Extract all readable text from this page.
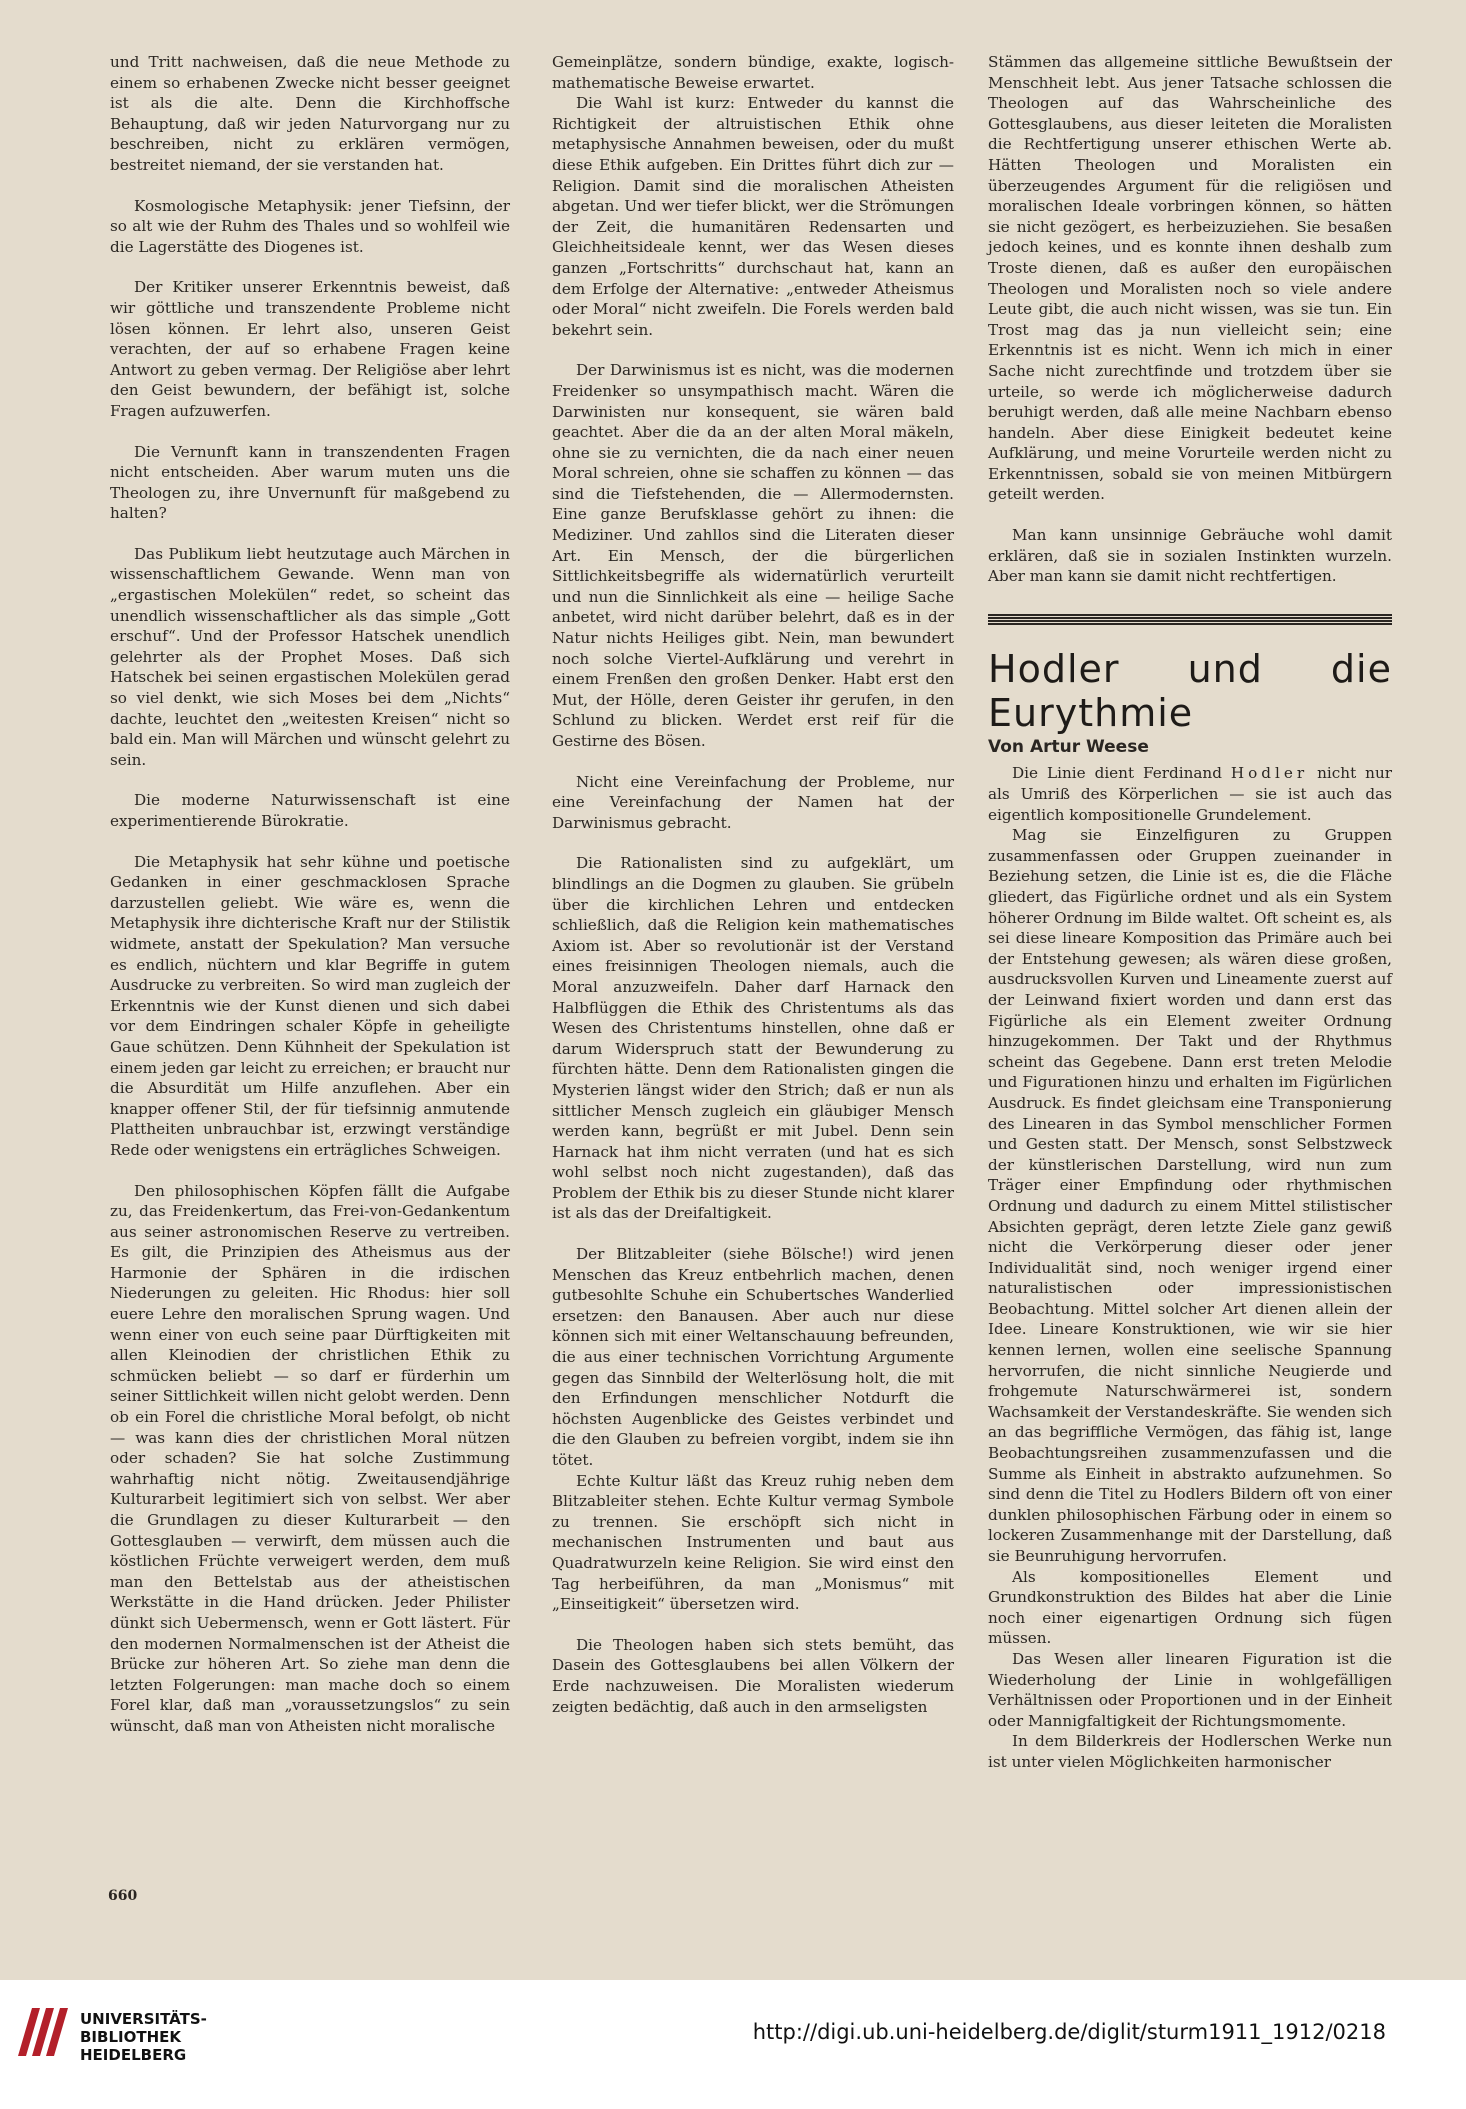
und Tritt nachweisen, daß die neue Methode zu einem so erhabenen Zwecke nicht besser geeignet ist als die alte. Denn die Kirchhoffsche Behauptung, daß wir jeden Naturvorgang nur zu beschreiben, nicht zu erklären vermögen, bestreitet niemand, der sie verstanden hat.

Kosmologische Metaphysik: jener Tiefsinn, der so alt wie der Ruhm des Thales und so wohlfeil wie die Lagerstätte des Diogenes ist.

Der Kritiker unserer Erkenntnis beweist, daß wir göttliche und transzendente Probleme nicht lösen können. Er lehrt also, unseren Geist verachten, der auf so erhabene Fragen keine Antwort zu geben vermag. Der Religiöse aber lehrt den Geist bewundern, der befähigt ist, solche Fragen aufzuwerfen.

Die Vernunft kann in transzendenten Fragen nicht entscheiden. Aber warum muten uns die Theologen zu, ihre Unvernunft für maßgebend zu halten?

Das Publikum liebt heutzutage auch Märchen in wissenschaftlichem Gewande. Wenn man von „ergastischen Molekülen“ redet, so scheint das unendlich wissenschaftlicher als das simple „Gott erschuf“. Und der Professor Hatschek unendlich gelehrter als der Prophet Moses. Daß sich Hatschek bei seinen ergastischen Molekülen gerad so viel denkt, wie sich Moses bei dem „Nichts“ dachte, leuchtet den „weitesten Kreisen“ nicht so bald ein. Man will Märchen und wünscht gelehrt zu sein.

Die moderne Naturwissenschaft ist eine experimentierende Bürokratie.

Die Metaphysik hat sehr kühne und poetische Gedanken in einer geschmacklosen Sprache darzustellen geliebt. Wie wäre es, wenn die Metaphysik ihre dichterische Kraft nur der Stilistik widmete, anstatt der Spekulation? Man versuche es endlich, nüchtern und klar Begriffe in gutem Ausdrucke zu verbreiten. So wird man zugleich der Erkenntnis wie der Kunst dienen und sich dabei vor dem Eindringen schaler Köpfe in geheiligte Gaue schützen. Denn Kühnheit der Spekulation ist einem jeden gar leicht zu erreichen; er braucht nur die Absurdität um Hilfe anzuflehen. Aber ein knapper offener Stil, der für tiefsinnig anmutende Plattheiten unbrauchbar ist, erzwingt verständige Rede oder wenigstens ein erträgliches Schweigen.

Den philosophischen Köpfen fällt die Aufgabe zu, das Freidenkertum, das Frei-von-Gedankentum aus seiner astronomischen Reserve zu vertreiben. Es gilt, die Prinzipien des Atheismus aus der Harmonie der Sphären in die irdischen Niederungen zu geleiten. Hic Rhodus: hier soll euere Lehre den moralischen Sprung wagen. Und wenn einer von euch seine paar Dürftigkeiten mit allen Kleinodien der christlichen Ethik zu schmücken beliebt — so darf er fürderhin um seiner Sittlichkeit willen nicht gelobt werden. Denn ob ein Forel die christliche Moral befolgt, ob nicht — was kann dies der christlichen Moral nützen oder schaden? Sie hat solche Zustimmung wahrhaftig nicht nötig. Zweitausendjährige Kulturarbeit legitimiert sich von selbst. Wer aber die Grundlagen zu dieser Kulturarbeit — den Gottesglauben — verwirft, dem müssen auch die köstlichen Früchte verweigert werden, dem muß man den Bettelstab aus der atheistischen Werkstätte in die Hand drücken. Jeder Philister dünkt sich Uebermensch, wenn er Gott lästert. Für den modernen Normalmenschen ist der Atheist die Brücke zur höheren Art. So ziehe man denn die letzten Folgerungen: man mache doch so einem Forel klar, daß man „voraussetzungslos“ zu sein wünscht, daß man von Atheisten nicht moralische

Gemeinplätze, sondern bündige, exakte, logisch-mathematische Beweise erwartet.

Die Wahl ist kurz: Entweder du kannst die Richtigkeit der altruistischen Ethik ohne metaphysische Annahmen beweisen, oder du mußt diese Ethik aufgeben. Ein Drittes führt dich zur — Religion. Damit sind die moralischen Atheisten abgetan. Und wer tiefer blickt, wer die Strömungen der Zeit, die humanitären Redensarten und Gleichheitsideale kennt, wer das Wesen dieses ganzen „Fortschritts“ durchschaut hat, kann an dem Erfolge der Alternative: „entweder Atheismus oder Moral“ nicht zweifeln. Die Forels werden bald bekehrt sein.

Der Darwinismus ist es nicht, was die modernen Freidenker so unsympathisch macht. Wären die Darwinisten nur konsequent, sie wären bald geachtet. Aber die da an der alten Moral mäkeln, ohne sie zu vernichten, die da nach einer neuen Moral schreien, ohne sie schaffen zu können — das sind die Tiefstehenden, die — Allermodernsten. Eine ganze Berufsklasse gehört zu ihnen: die Mediziner. Und zahllos sind die Literaten dieser Art. Ein Mensch, der die bürgerlichen Sittlichkeitsbegriffe als widernatürlich verurteilt und nun die Sinnlichkeit als eine — heilige Sache anbetet, wird nicht darüber belehrt, daß es in der Natur nichts Heiliges gibt. Nein, man bewundert noch solche Viertel-Aufklärung und verehrt in einem Frenßen den großen Denker. Habt erst den Mut, der Hölle, deren Geister ihr gerufen, in den Schlund zu blicken. Werdet erst reif für die Gestirne des Bösen.

Nicht eine Vereinfachung der Probleme, nur eine Vereinfachung der Namen hat der Darwinismus gebracht.

Die Rationalisten sind zu aufgeklärt, um blindlings an die Dogmen zu glauben. Sie grübeln über die kirchlichen Lehren und entdecken schließlich, daß die Religion kein mathematisches Axiom ist. Aber so revolutionär ist der Verstand eines freisinnigen Theologen niemals, auch die Moral anzuzweifeln. Daher darf Harnack den Halbflüggen die Ethik des Christentums als das Wesen des Christentums hinstellen, ohne daß er darum Widerspruch statt der Bewunderung zu fürchten hätte. Denn dem Rationalisten gingen die Mysterien längst wider den Strich; daß er nun als sittlicher Mensch zugleich ein gläubiger Mensch werden kann, begrüßt er mit Jubel. Denn sein Harnack hat ihm nicht verraten (und hat es sich wohl selbst noch nicht zugestanden), daß das Problem der Ethik bis zu dieser Stunde nicht klarer ist als das der Dreifaltigkeit.

Der Blitzableiter (siehe Bölsche!) wird jenen Menschen das Kreuz entbehrlich machen, denen gutbesohlte Schuhe ein Schubertsches Wanderlied ersetzen: den Banausen. Aber auch nur diese können sich mit einer Weltanschauung befreunden, die aus einer technischen Vorrichtung Argumente gegen das Sinnbild der Welterlösung holt, die mit den Erfindungen menschlicher Notdurft die höchsten Augenblicke des Geistes verbindet und die den Glauben zu befreien vorgibt, indem sie ihn tötet.

Echte Kultur läßt das Kreuz ruhig neben dem Blitzableiter stehen. Echte Kultur vermag Symbole zu trennen. Sie erschöpft sich nicht in mechanischen Instrumenten und baut aus Quadratwurzeln keine Religion. Sie wird einst den Tag herbeiführen, da man „Monismus“ mit „Einseitigkeit“ übersetzen wird.

Die Theologen haben sich stets bemüht, das Dasein des Gottesglaubens bei allen Völkern der Erde nachzuweisen. Die Moralisten wiederum zeigten bedächtig, daß auch in den armseligsten

Stämmen das allgemeine sittliche Bewußtsein der Menschheit lebt. Aus jener Tatsache schlossen die Theologen auf das Wahrscheinliche des Gottesglaubens, aus dieser leiteten die Moralisten die Rechtfertigung unserer ethischen Werte ab. Hätten Theologen und Moralisten ein überzeugendes Argument für die religiösen und moralischen Ideale vorbringen können, so hätten sie nicht gezögert, es herbeizuziehen. Sie besaßen jedoch keines, und es konnte ihnen deshalb zum Troste dienen, daß es außer den europäischen Theologen und Moralisten noch so viele andere Leute gibt, die auch nicht wissen, was sie tun. Ein Trost mag das ja nun vielleicht sein; eine Erkenntnis ist es nicht. Wenn ich mich in einer Sache nicht zurechtfinde und trotzdem über sie urteile, so werde ich möglicherweise dadurch beruhigt werden, daß alle meine Nachbarn ebenso handeln. Aber diese Einigkeit bedeutet keine Aufklärung, und meine Vorurteile werden nicht zu Erkenntnissen, sobald sie von meinen Mitbürgern geteilt werden.

Man kann unsinnige Gebräuche wohl damit erklären, daß sie in sozialen Instinkten wurzeln. Aber man kann sie damit nicht rechtfertigen.

Hodler und die Eurythmie
Von Artur Weese

Die Linie dient Ferdinand Hodler nicht nur als Umriß des Körperlichen — sie ist auch das eigentlich kompositionelle Grundelement.

Mag sie Einzelfiguren zu Gruppen zusammenfassen oder Gruppen zueinander in Beziehung setzen, die Linie ist es, die die Fläche gliedert, das Figürliche ordnet und als ein System höherer Ordnung im Bilde waltet. Oft scheint es, als sei diese lineare Komposition das Primäre auch bei der Entstehung gewesen; als wären diese großen, ausdrucksvollen Kurven und Lineamente zuerst auf der Leinwand fixiert worden und dann erst das Figürliche als ein Element zweiter Ordnung hinzugekommen. Der Takt und der Rhythmus scheint das Gegebene. Dann erst treten Melodie und Figurationen hinzu und erhalten im Figürlichen Ausdruck. Es findet gleichsam eine Transponierung des Linearen in das Symbol menschlicher Formen und Gesten statt. Der Mensch, sonst Selbstzweck der künstlerischen Darstellung, wird nun zum Träger einer Empfindung oder rhythmischen Ordnung und dadurch zu einem Mittel stilistischer Absichten geprägt, deren letzte Ziele ganz gewiß nicht die Verkörperung dieser oder jener Individualität sind, noch weniger irgend einer naturalistischen oder impressionistischen Beobachtung. Mittel solcher Art dienen allein der Idee. Lineare Konstruktionen, wie wir sie hier kennen lernen, wollen eine seelische Spannung hervorrufen, die nicht sinnliche Neugierde und frohgemute Naturschwärmerei ist, sondern Wachsamkeit der Verstandeskräfte. Sie wenden sich an das begriffliche Vermögen, das fähig ist, lange Beobachtungsreihen zusammenzufassen und die Summe als Einheit in abstrakto aufzunehmen. So sind denn die Titel zu Hodlers Bildern oft von einer dunklen philosophischen Färbung oder in einem so lockeren Zusammenhange mit der Darstellung, daß sie Beunruhigung hervorrufen.

Als kompositionelles Element und Grundkonstruktion des Bildes hat aber die Linie noch einer eigenartigen Ordnung sich fügen müssen.

Das Wesen aller linearen Figuration ist die Wiederholung der Linie in wohlgefälligen Verhältnissen oder Proportionen und in der Einheit oder Mannigfaltigkeit der Richtungsmomente.

In dem Bilderkreis der Hodlerschen Werke nun ist unter vielen Möglichkeiten harmonischer

660
UNIVERSITÄTS-
BIBLIOTHEK
HEIDELBERG
http://digi.ub.uni-heidelberg.de/diglit/sturm1911_1912/0218
